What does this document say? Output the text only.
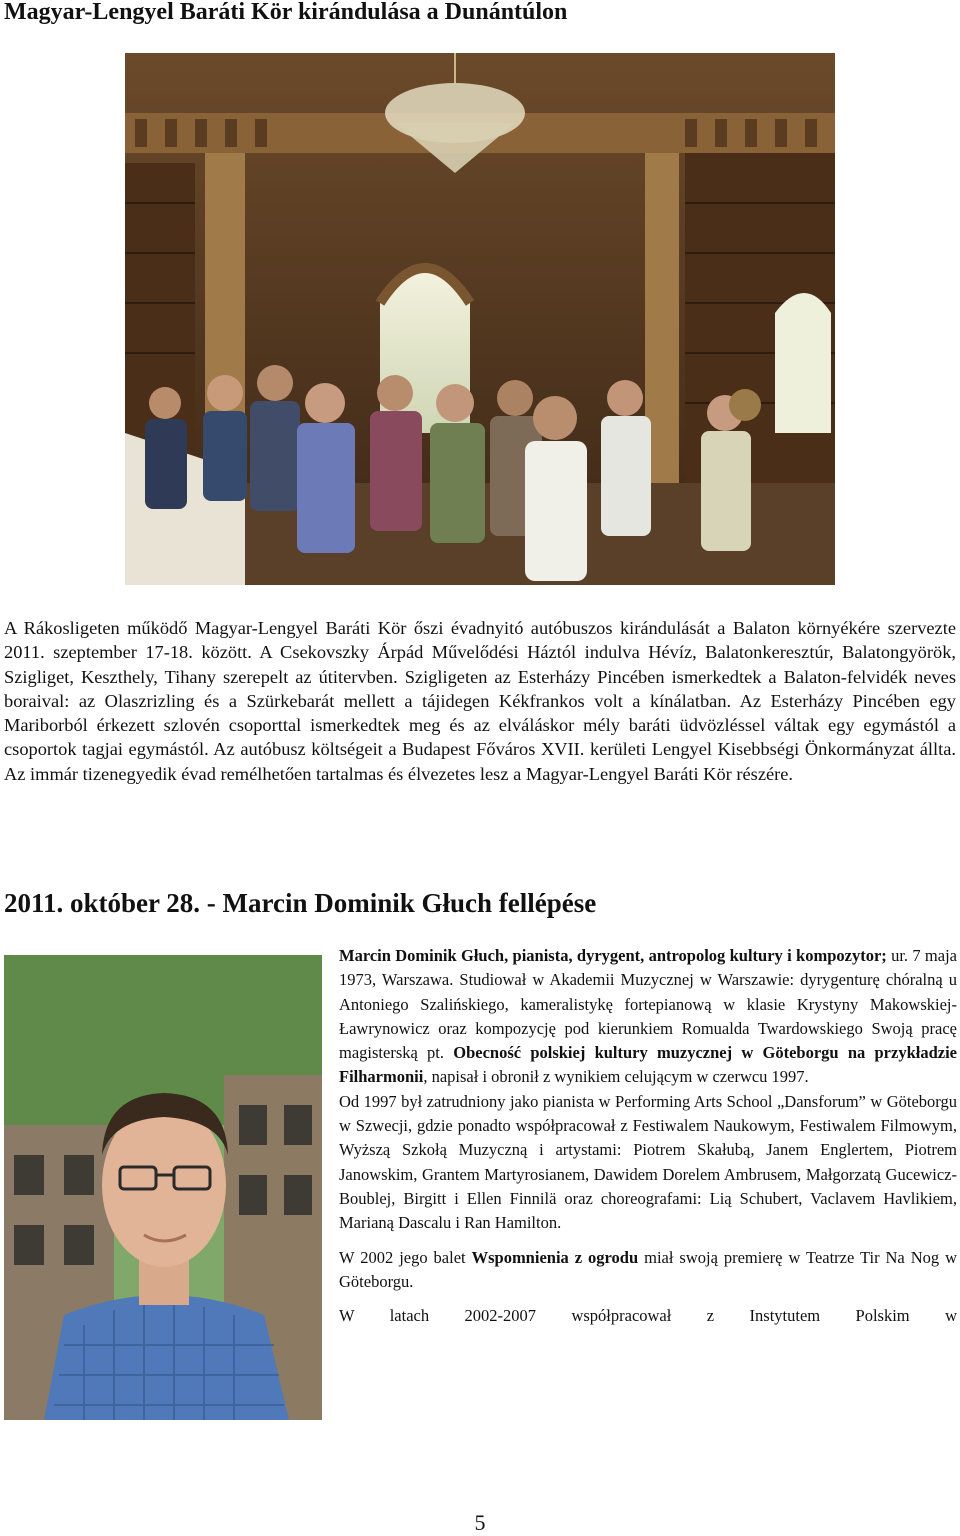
Magyar-Lengyel Baráti Kör kirándulása a Dunántúlon

A Rákosligeten működő Magyar-Lengyel Baráti Kör őszi évadnyitó autóbuszos kirándulását a Balaton környékére szervezte 2011. szeptember 17-18. között. A Csekovszky Árpád Művelődési Háztól indulva Hévíz, Balatonkeresztúr, Balatongyörök, Szigliget, Keszthely, Tihany szerepelt az útitervben. Szigligeten az Esterházy Pincében ismerkedtek a Balaton-felvidék neves boraival: az Olaszrizling és a Szürkebarát mellett a tájidegen Kékfrankos volt a kínálatban. Az Esterházy Pincében egy Mariborból érkezett szlovén csoporttal ismerkedtek meg és az elváláskor mély baráti üdvözléssel váltak egy egymástól a csoportok tagjai egymástól. Az autóbusz költségeit a Budapest Főváros XVII. kerületi Lengyel Kisebbségi Önkormányzat állta. Az immár tizenegyedik évad remélhetően tartalmas és élvezetes lesz a Magyar-Lengyel Baráti Kör részére.

2011. október 28. - Marcin Dominik Głuch fellépése

Marcin Dominik Głuch, pianista, dyrygent, antropolog kultury i kompozytor; ur. 7 maja 1973, Warszawa. Studiował w Akademii Muzycznej w Warszawie: dyrygenturę chóralną u Antoniego Szalińskiego, kameralistykę fortepianową w klasie Krystyny Makowskiej-Ławrynowicz oraz kompozycję pod kierunkiem Romualda Twardowskiego Swoją pracę magisterską pt. Obecność polskiej kultury muzycznej w Göteborgu na przykładzie Filharmonii, napisał i obronił z wynikiem celującym w czerwcu 1997.

Od 1997 był zatrudniony jako pianista w Performing Arts School „Dansforum” w Göteborgu w Szwecji, gdzie ponadto współpracował z Festiwalem Naukowym, Festiwalem Filmowym, Wyższą Szkołą Muzyczną i artystami: Piotrem Skałubą, Janem Englertem, Piotrem Janowskim, Grantem Martyrosianem, Dawidem Dorelem Ambrusem, Małgorzatą Gucewicz-Boublej, Birgitt i Ellen Finnilä oraz choreografami: Lią Schubert, Vaclavem Havlikiem, Marianą Dascalu i Ran Hamilton.

W 2002 jego balet Wspomnienia z ogrodu miał swoją premierę w Teatrze Tir Na Nog w Göteborgu.

W latach 2002-2007 współpracował z Instytutem Polskim w

5
